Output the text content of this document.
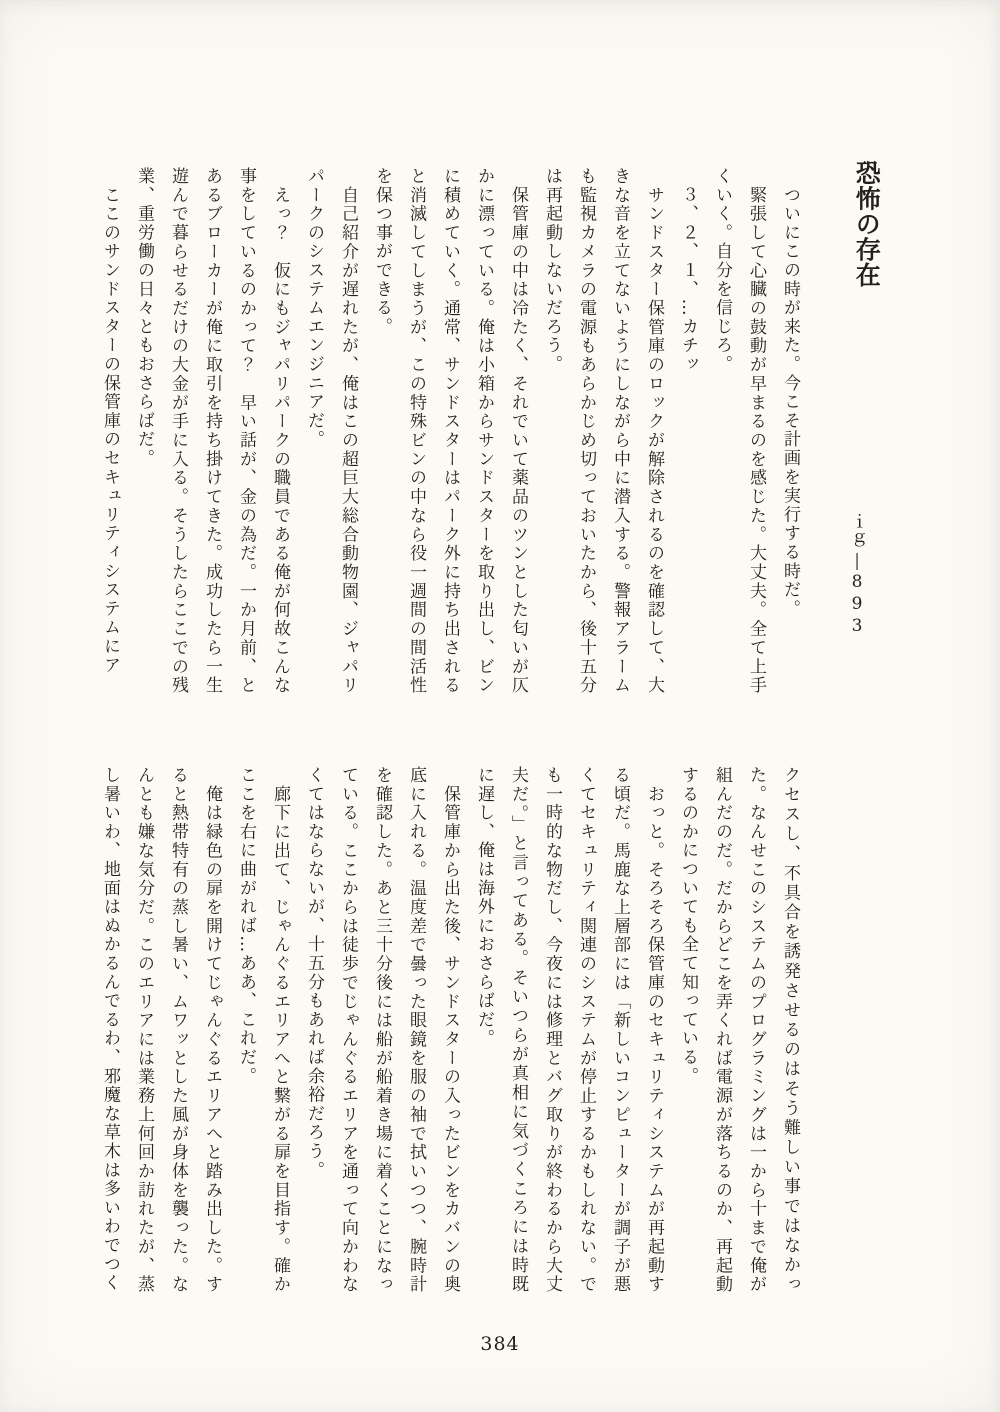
恐怖の存在
ｉｇ―893

　ついにこの時が来た。今こそ計画を実行する時だ。

　緊張して心臓の鼓動が早まるのを感じた。大丈夫。全て上手くいく。自分を信じろ。

　３、２、１、…カチッ

　サンドスター保管庫のロックが解除されるのを確認して、大きな音を立てないようにしながら中に潜入する。警報アラームも監視カメラの電源もあらかじめ切っておいたから、後十五分は再起動しないだろう。

　保管庫の中は冷たく、それでいて薬品のツンとした匂いが仄かに漂っている。俺は小箱からサンドスターを取り出し、ビンに積めていく。通常、サンドスターはパーク外に持ち出されると消滅してしまうが、この特殊ビンの中なら役一週間の間活性を保つ事ができる。

　自己紹介が遅れたが、俺はこの超巨大総合動物園、ジャパリパークのシステムエンジニアだ。

　えっ？　仮にもジャパリパークの職員である俺が何故こんな事をしているのかって？　早い話が、金の為だ。一か月前、とあるブローカーが俺に取引を持ち掛けてきた。成功したら一生遊んで暮らせるだけの大金が手に入る。そうしたらここでの残業、重労働の日々ともおさらばだ。

　ここのサンドスターの保管庫のセキュリティシステムにア

クセスし、不具合を誘発させるのはそう難しい事ではなかった。なんせこのシステムのプログラミングは一から十まで俺が組んだのだ。だからどこを弄くれば電源が落ちるのか、再起動するのかについても全て知っている。

　おっと。そろそろ保管庫のセキュリティシステムが再起動する頃だ。馬鹿な上層部には「新しいコンピューターが調子が悪くてセキュリティ関連のシステムが停止するかもしれない。でも一時的な物だし、今夜には修理とバグ取りが終わるから大丈夫だ。」と言ってある。そいつらが真相に気づくころには時既に遅し、俺は海外におさらばだ。

　保管庫から出た後、サンドスターの入ったビンをカバンの奥底に入れる。温度差で曇った眼鏡を服の袖で拭いつつ、腕時計を確認した。あと三十分後には船が船着き場に着くことになっている。ここからは徒歩でじゃんぐるエリアを通って向かわなくてはならないが、十五分もあれば余裕だろう。

　廊下に出て、じゃんぐるエリアへと繋がる扉を目指す。確かここを右に曲がれば…ああ、これだ。

　俺は緑色の扉を開けてじゃんぐるエリアへと踏み出した。すると熱帯特有の蒸し暑い、ムワッとした風が身体を襲った。なんとも嫌な気分だ。このエリアには業務上何回か訪れたが、蒸し暑いわ、地面はぬかるんでるわ、邪魔な草木は多いわでつく

384
